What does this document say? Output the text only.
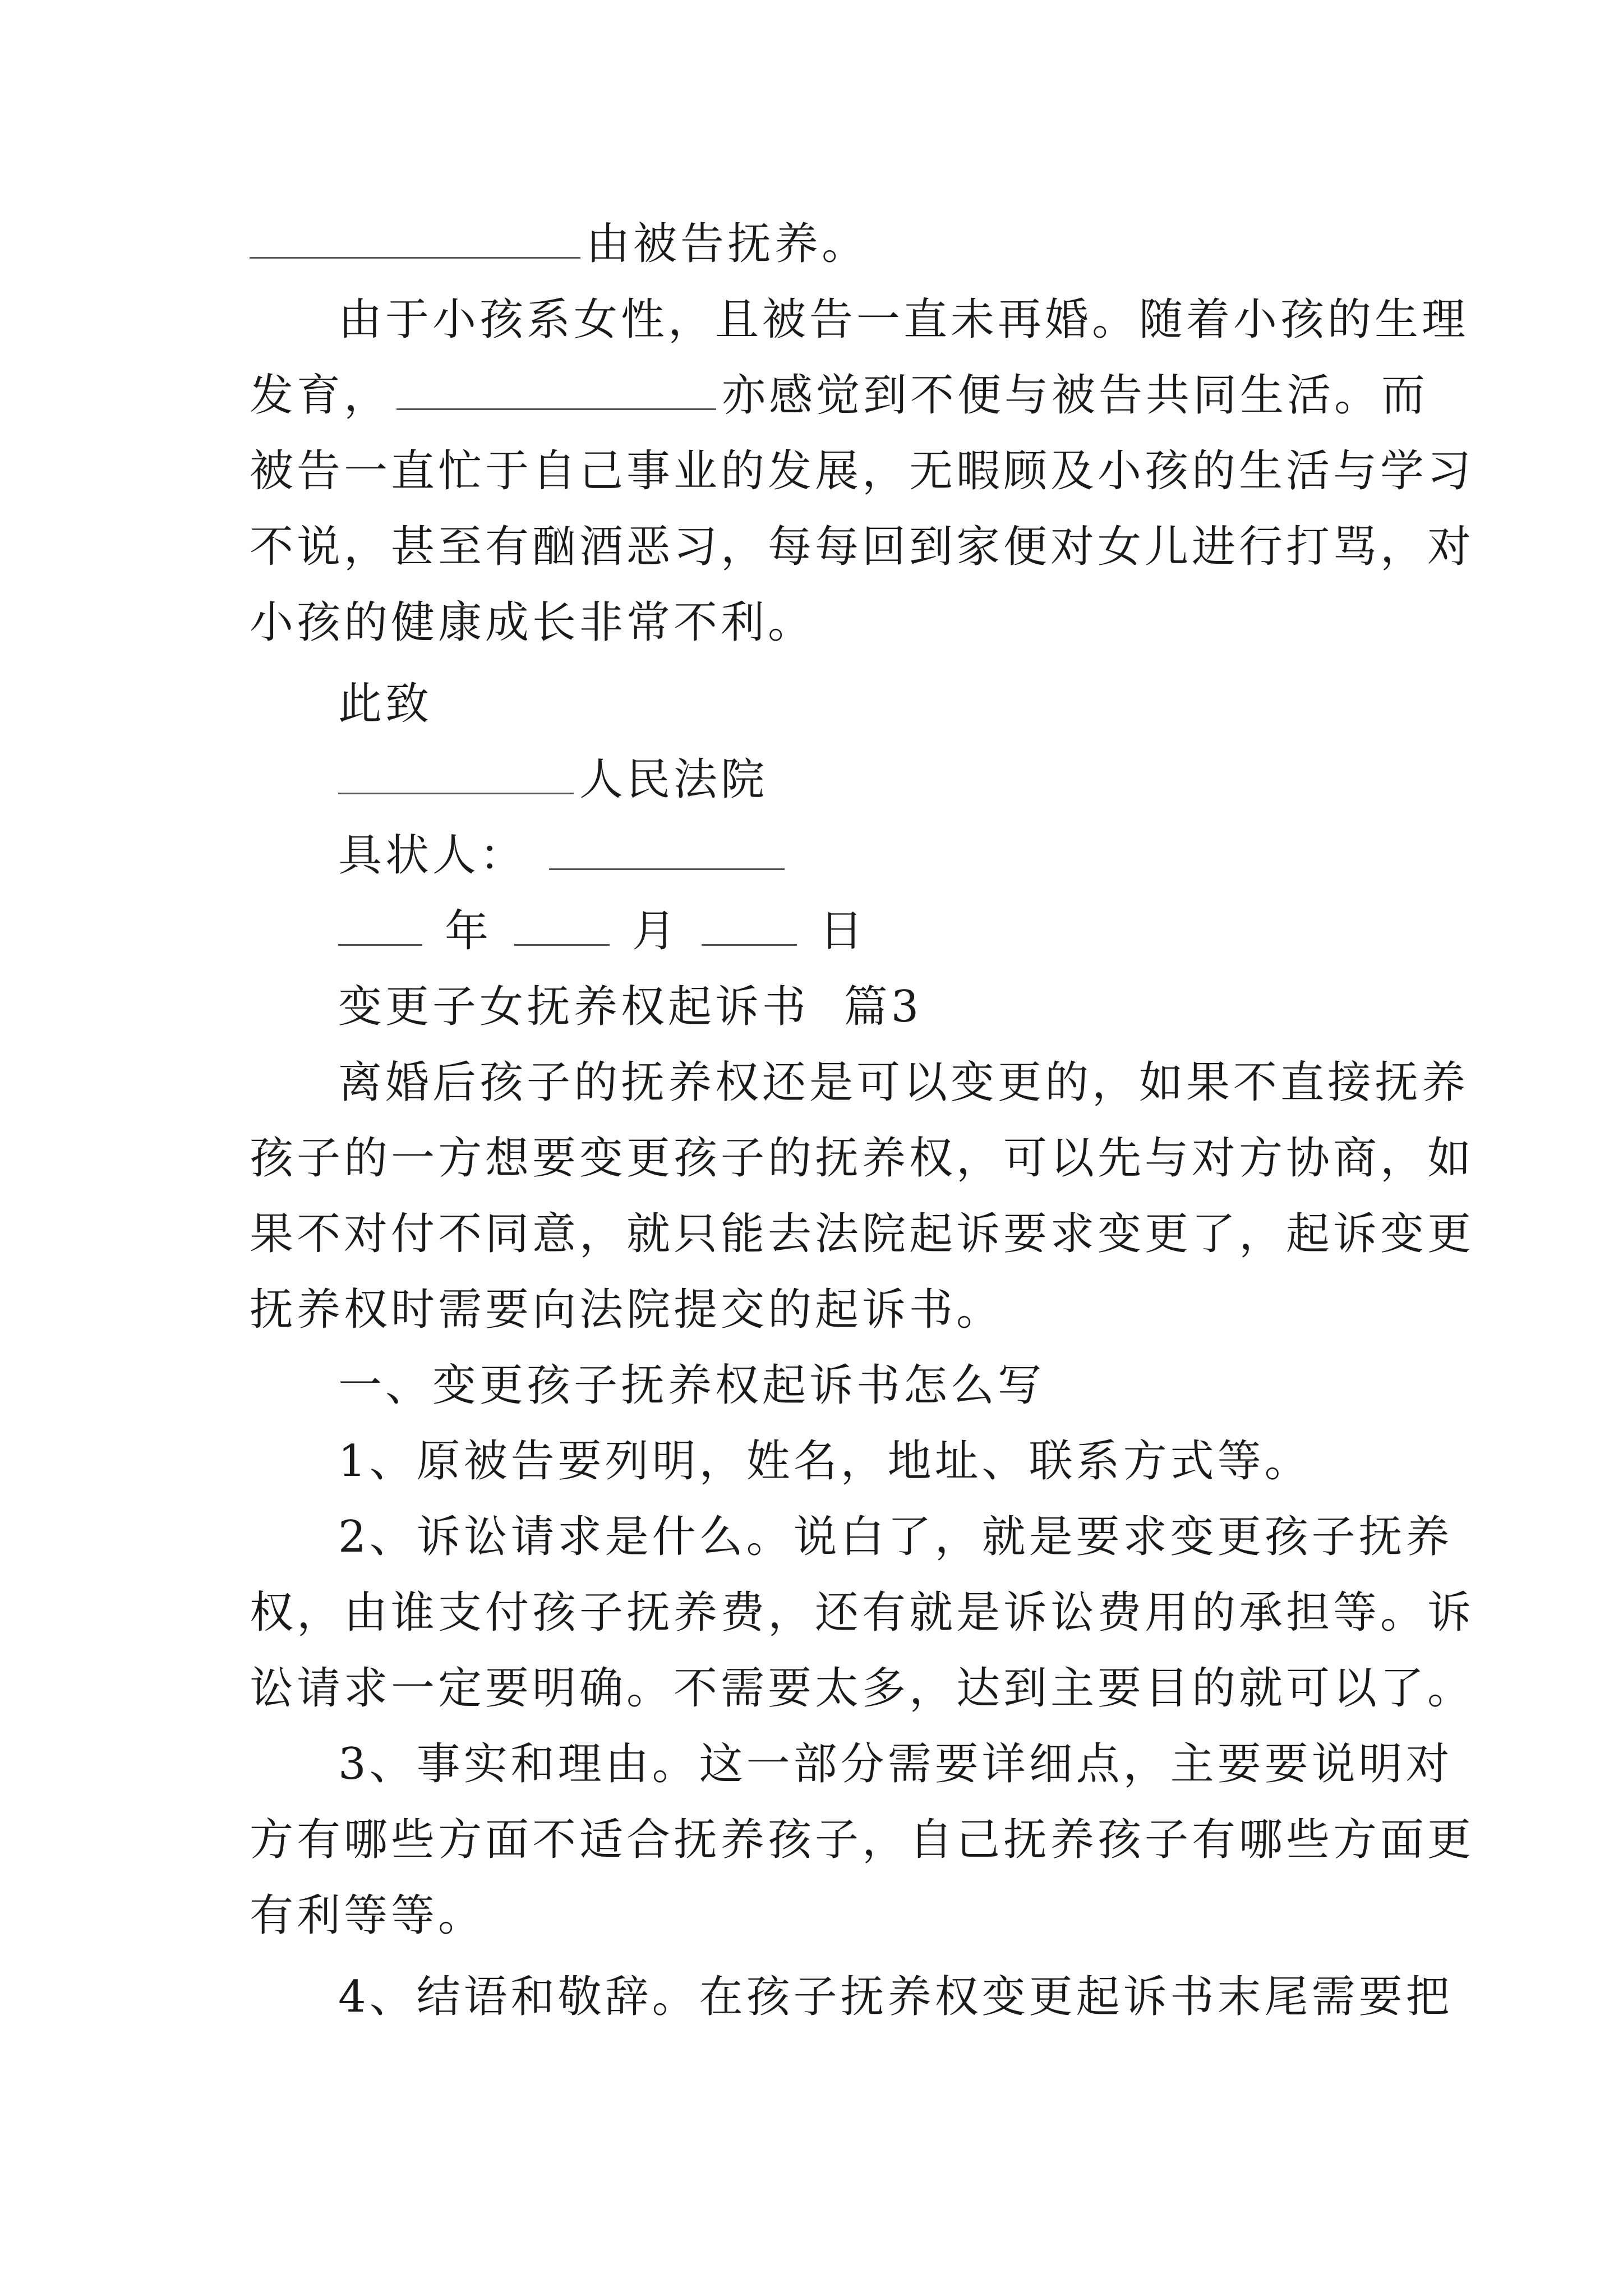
由被告抚养。
由于小孩系女性，且被告一直未再婚。随着小孩的生理
发育，	亦感觉到不便与被告共同生活。而
被告一直忙于自己事业的发展，无暇顾及小孩的生活与学习
不说，甚至有酗酒恶习，每每回到家便对女儿进行打骂，对
小孩的健康成长非常不利。
此致
人民法院
具状人：
年	月	日
变更子女抚养权起诉书  篇3
离婚后孩子的抚养权还是可以变更的，如果不直接抚养
孩子的一方想要变更孩子的抚养权，可以先与对方协商，如
果不对付不同意，就只能去法院起诉要求变更了，起诉变更
抚养权时需要向法院提交的起诉书。
一、变更孩子抚养权起诉书怎么写
1、原被告要列明，姓名，地址、联系方式等。
2、诉讼请求是什么。说白了，就是要求变更孩子抚养
权，由谁支付孩子抚养费，还有就是诉讼费用的承担等。诉
讼请求一定要明确。不需要太多，达到主要目的就可以了。
3、事实和理由。这一部分需要详细点，主要要说明对
方有哪些方面不适合抚养孩子，自己抚养孩子有哪些方面更
有利等等。
4、结语和敬辞。在孩子抚养权变更起诉书末尾需要把
